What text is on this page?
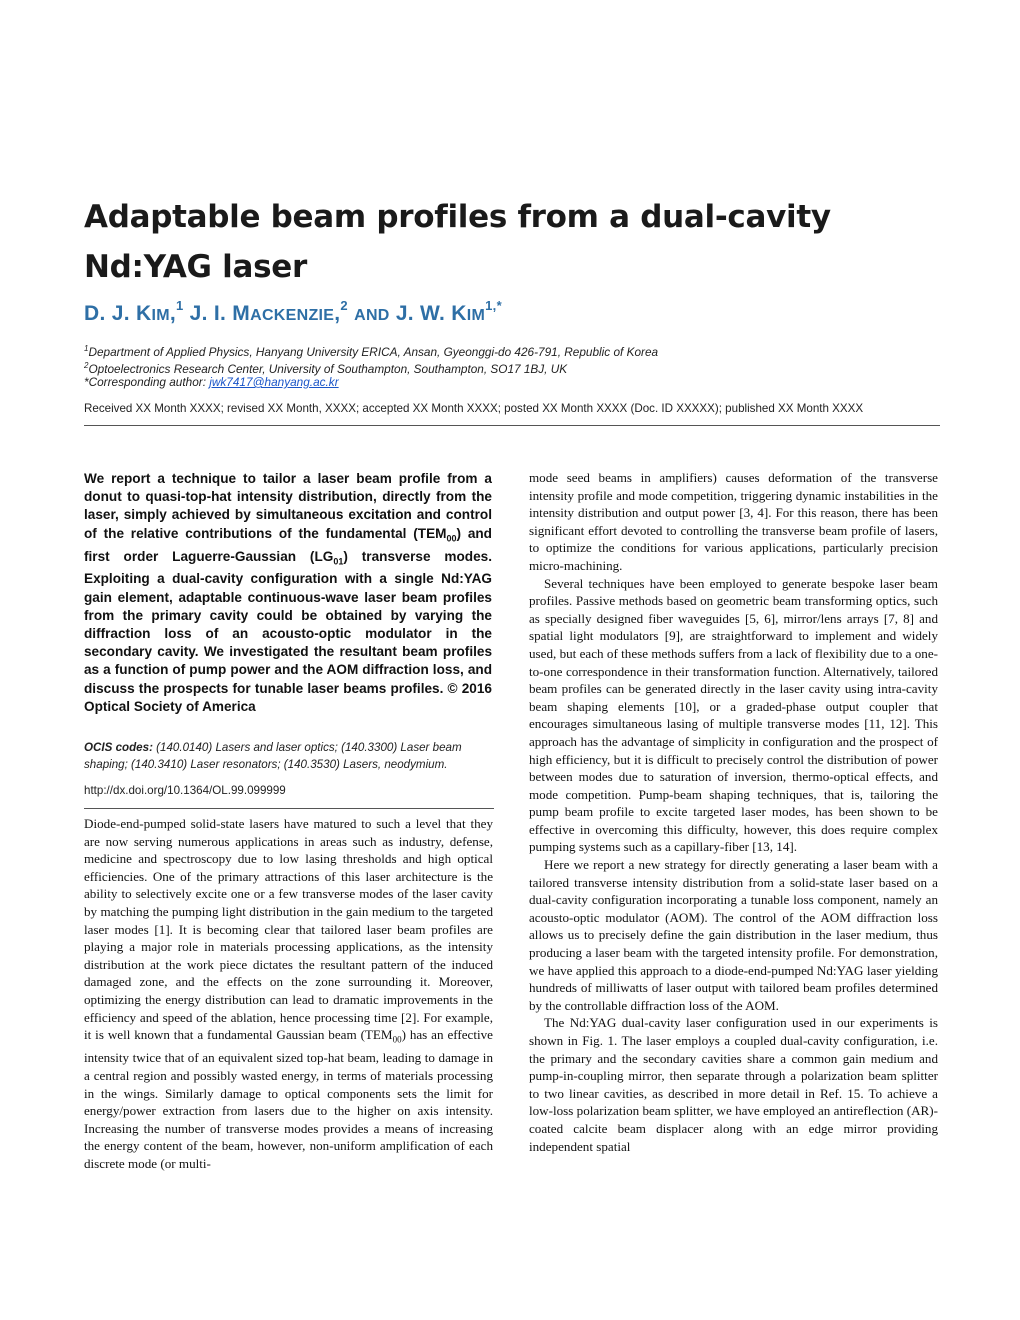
Adaptable beam profiles from a dual-cavity Nd:YAG laser
D. J. KIM,$^1$ J. I. MACKENZIE,$^2$ AND J. W. $KIM^{1,*}$
$^1$Department of Applied Physics, Hanyang University ERICA, Ansan, Gyeonggi-do 426-791, Republic of Korea
$^2$Optoelectronics Research Center, University of Southampton, Southampton, SO17 1BJ, UK
*Corresponding author: jwk7417@hanyang.ac.kr
Received XX Month XXXX; revised XX Month, XXXX; accepted XX Month XXXX; posted XX Month XXXX (Doc. ID XXXXX); published XX Month XXXX
We report a technique to tailor a laser beam profile from a donut to quasi-top-hat intensity distribution, directly from the laser, simply achieved by simultaneous excitation and control of the relative contributions of the fundamental $(TEM_{00})$ and first order Laguerre-Gaussian $(LG_{01})$ transverse modes. Exploiting a dual-cavity configuration with a single Nd:YAG gain element, adaptable continuous-wave laser beam profiles from the primary cavity could be obtained by varying the diffraction loss of an acousto-optic modulator in the secondary cavity. We investigated the resultant beam profiles as a function of pump power and the AOM diffraction loss, and discuss the prospects for tunable laser beams profiles. © 2016 Optical Society of America
OCIS codes: (140.0140) Lasers and laser optics; (140.3300) Laser beam shaping; (140.3410) Laser resonators; (140.3530) Lasers, neodymium.
http://dx.doi.org/10.1364/OL.99.099999

Diode-end-pumped solid-state lasers have matured to such a level that they are now serving numerous applications in areas such as industry, defense, medicine and spectroscopy due to low lasing thresholds and high optical efficiencies. One of the primary attractions of this laser architecture is the ability to selectively excite one or a few transverse modes of the laser cavity by matching the pumping light distribution in the gain medium to the targeted laser modes [1]. It is becoming clear that tailored laser beam profiles are playing a major role in materials processing applications, as the intensity distribution at the work piece dictates the resultant pattern of the induced damaged zone, and the effects on the zone surrounding it. Moreover, optimizing the energy distribution can lead to dramatic improvements in the efficiency and speed of the ablation, hence processing time [2]. For example, it is well known that a fundamental Gaussian beam $(TEM_{00})$ has an effective intensity twice that of an equivalent sized top-hat beam, leading to damage in a central region and possibly wasted energy, in terms of materials processing in the wings. Similarly damage to optical components sets the limit for energy/power extraction from lasers due to the higher on axis intensity. Increasing the number of transverse modes provides a means of increasing the energy content of the beam, however, non-uniform amplification of each discrete mode (or multi-

mode seed beams in amplifiers) causes deformation of the transverse intensity profile and mode competition, triggering dynamic instabilities in the intensity distribution and output power [3, 4]. For this reason, there has been significant effort devoted to controlling the transverse beam profile of lasers, to optimize the conditions for various applications, particularly precision micro-machining.

Several techniques have been employed to generate bespoke laser beam profiles. Passive methods based on geometric beam transforming optics, such as specially designed fiber waveguides [5, 6], mirror/lens arrays [7, 8] and spatial light modulators [9], are straightforward to implement and widely used, but each of these methods suffers from a lack of flexibility due to a one-to-one correspondence in their transformation function. Alternatively, tailored beam profiles can be generated directly in the laser cavity using intra-cavity beam shaping elements [10], or a graded-phase output coupler that encourages simultaneous lasing of multiple transverse modes [11, 12]. This approach has the advantage of simplicity in configuration and the prospect of high efficiency, but it is difficult to precisely control the distribution of power between modes due to saturation of inversion, thermo-optical effects, and mode competition. Pump-beam shaping techniques, that is, tailoring the pump beam profile to excite targeted laser modes, has been shown to be effective in overcoming this difficulty, however, this does require complex pumping systems such as a capillary-fiber [13, 14].

Here we report a new strategy for directly generating a laser beam with a tailored transverse intensity distribution from a solid-state laser based on a dual-cavity configuration incorporating a tunable loss component, namely an acousto-optic modulator (AOM). The control of the AOM diffraction loss allows us to precisely define the gain distribution in the laser medium, thus producing a laser beam with the targeted intensity profile. For demonstration, we have applied this approach to a diode-end-pumped Nd:YAG laser yielding hundreds of milliwatts of laser output with tailored beam profiles determined by the controllable diffraction loss of the AOM.

The Nd:YAG dual-cavity laser configuration used in our experiments is shown in Fig. 1. The laser employs a coupled dual-cavity configuration, i.e. the primary and the secondary cavities share a common gain medium and pump-in-coupling mirror, then separate through a polarization beam splitter to two linear cavities, as described in more detail in Ref. 15. To achieve a low-loss polarization beam splitter, we have employed an antireflection (AR)-coated calcite beam displacer along with an edge mirror providing independent spatial
